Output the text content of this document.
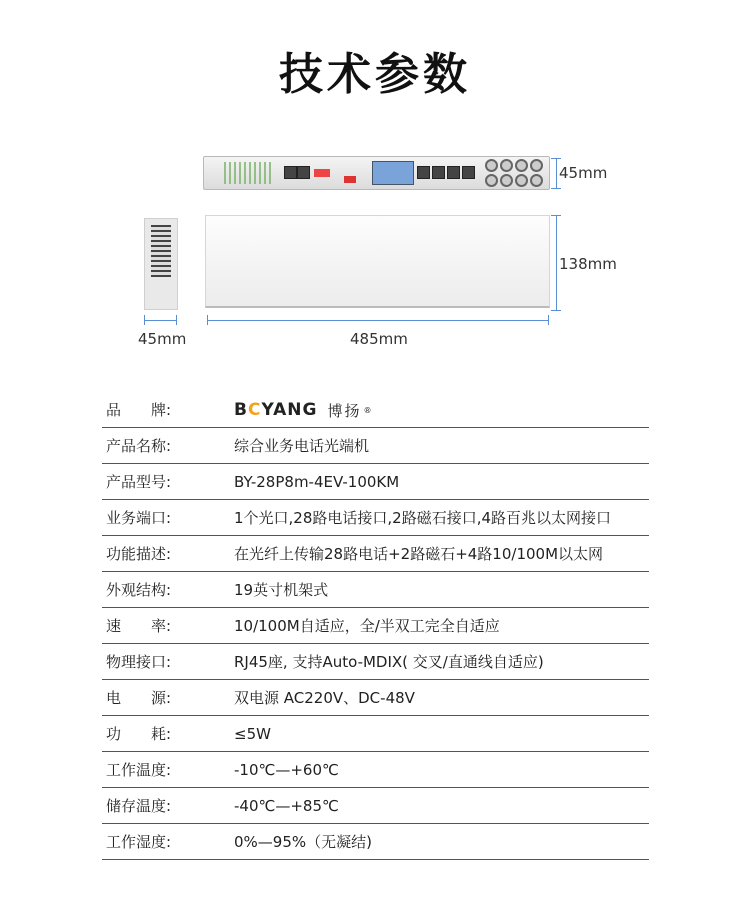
技术参数
45mm
138mm
45mm	485mm
品　　牌:	BCYANG 博扬 ®
产品名称:	综合业务电话光端机
产品型号:	BY-28P8m-4EV-100KM
业务端口:	1个光口,28路电话接口,2路磁石接口,4路百兆以太网接口
功能描述:	在光纤上传输28路电话+2路磁石+4路10/100M以太网
外观结构:	19英寸机架式
速　　率:	10/100M自适应，全/半双工完全自适应
物理接口:	RJ45座, 支持Auto-MDIX( 交叉/直通线自适应)
电　　源:	双电源 AC220V、DC-48V
功　　耗:	≤5W
工作温度:	-10℃—+60℃
储存温度:	-40℃—+85℃
工作湿度:	0%—95%（无凝结)
